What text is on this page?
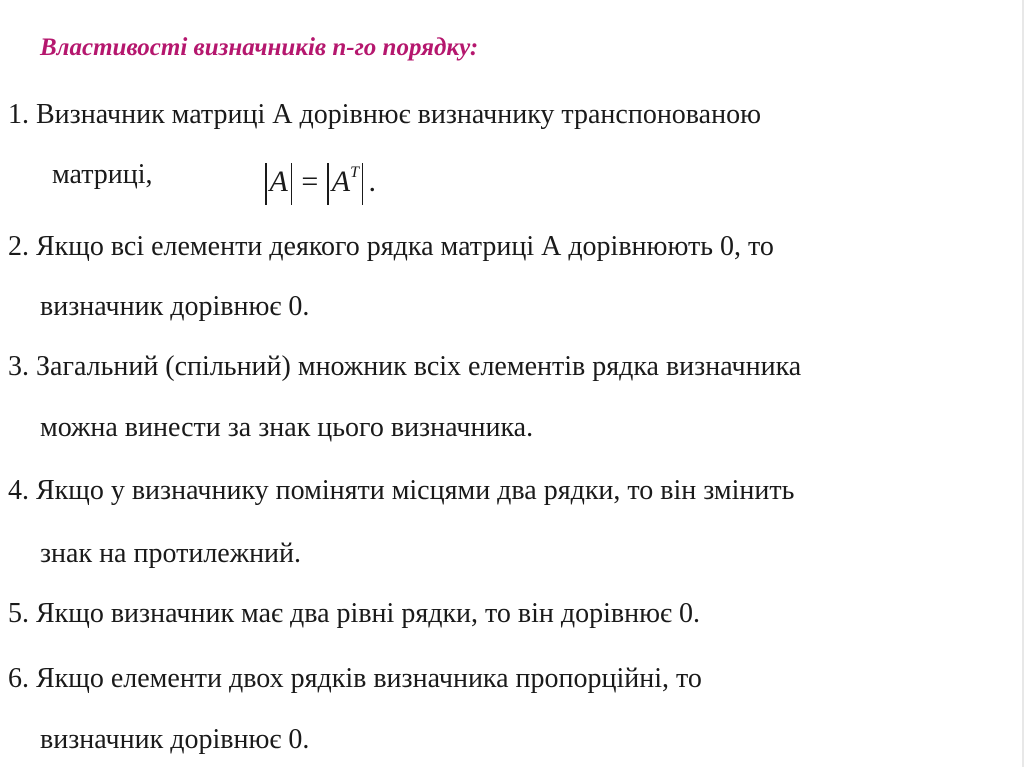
Властивості визначників n-го порядку:
1. Визначник матриці А дорівнює визначнику транспонованою
матриці,	$A = A^T$ .
2. Якщо всі елементи деякого рядка матриці А дорівнюють 0, то
визначник дорівнює 0.
3. Загальний (спільний) множник всіх елементів рядка визначника
можна винести за знак цього визначника.
4. Якщо у визначнику поміняти місцями два рядки, то він змінить
знак на протилежний.
5. Якщо визначник має два рівні рядки, то він дорівнює 0.
6. Якщо елементи двох рядків визначника пропорційні, то
визначник дорівнює 0.
